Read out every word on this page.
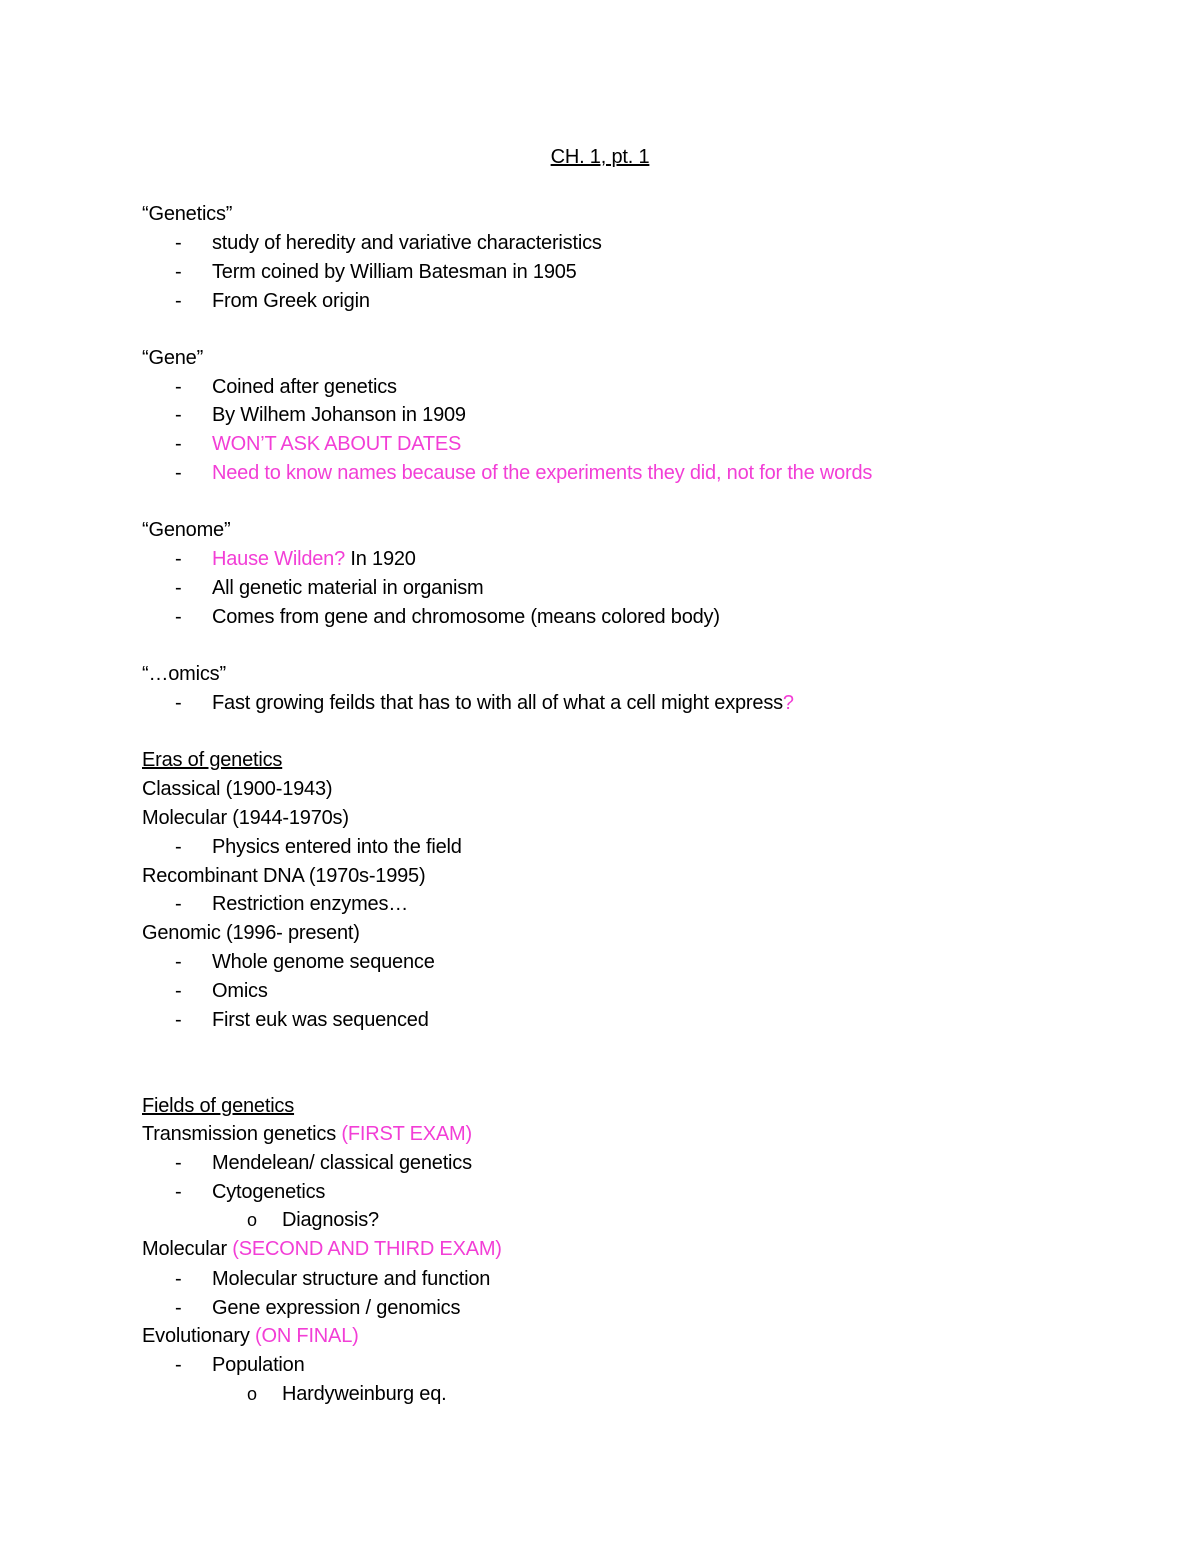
CH. 1, pt. 1
“Genetics”
- study of heredity and variative characteristics
- Term coined by William Batesman in 1905
- From Greek origin
“Gene”
- Coined after genetics
- By Wilhem Johanson in 1909
- WON’T ASK ABOUT DATES
- Need to know names because of the experiments they did, not for the words
“Genome”
- Hause Wilden? In 1920
- All genetic material in organism
- Comes from gene and chromosome (means colored body)
“…omics”
- Fast growing feilds that has to with all of what a cell might express?
Eras of genetics
Classical (1900-1943)
Molecular (1944-1970s)
- Physics entered into the field
Recombinant DNA (1970s-1995)
- Restriction enzymes…
Genomic (1996- present)
- Whole genome sequence
- Omics
- First euk was sequenced
Fields of genetics
Transmission genetics (FIRST EXAM)
- Mendelean/ classical genetics
- Cytogenetics
o Diagnosis?
Molecular (SECOND AND THIRD EXAM)
- Molecular structure and function
- Gene expression / genomics
Evolutionary (ON FINAL)
- Population
o Hardyweinburg eq.
